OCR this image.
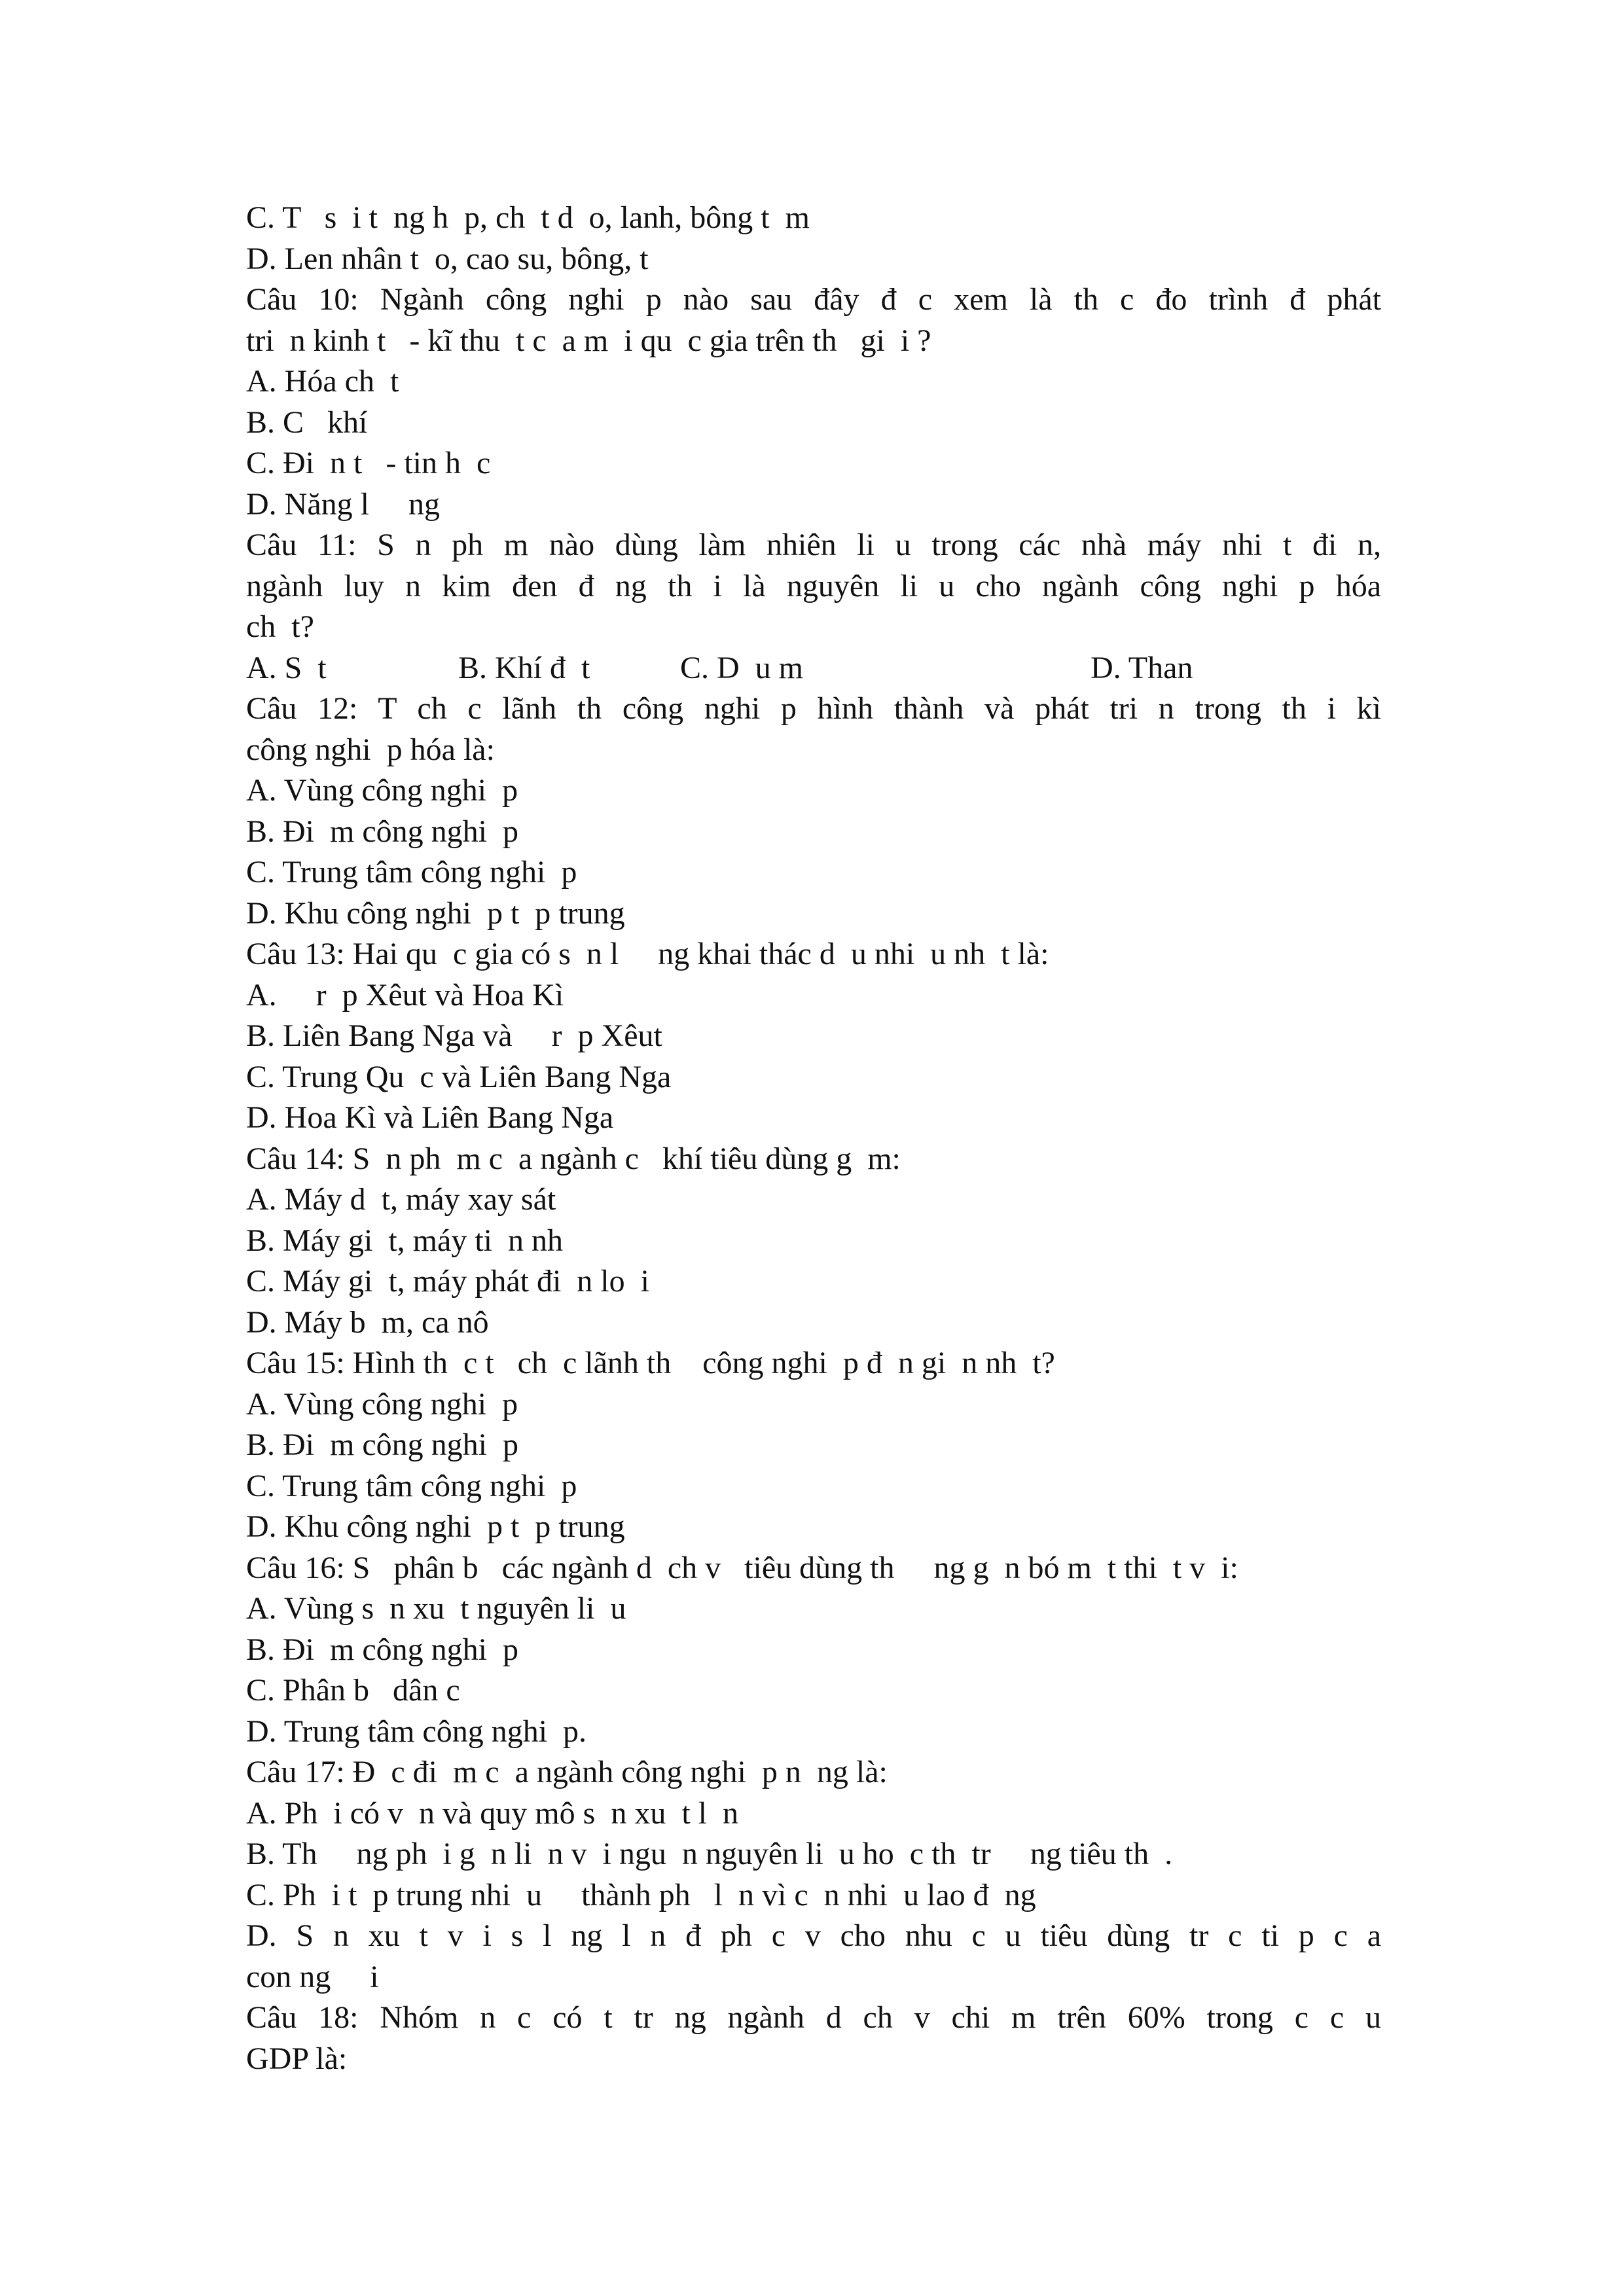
C. T   s  i t  ng h  p, ch  t d  o, lanh, bông t  m
D. Len nhân t  o, cao su, bông, t
Câu 10: Ngành công nghi p nào sau đây đ c xem là th c đo trình đ phát
tri  n kinh t   - kĩ thu  t c  a m  i qu  c gia trên th   gi  i ?
A. Hóa ch  t
B. C   khí
C. Đi  n t   - tin h  c
D. Năng l     ng
Câu 11: S n ph m nào dùng làm nhiên li u trong các nhà máy nhi t đi n,
ngành luy n kim đen đ ng th i là nguyên li u cho ngành công nghi p hóa
ch  t?

A. S  t

	B. Khí đ  t

	C. D  u m

	D. Than

Câu 12: T ch c lãnh th công nghi p hình thành và phát tri n trong th i kì
công nghi  p hóa là:
A. Vùng công nghi  p
B. Đi  m công nghi  p
C. Trung tâm công nghi  p
D. Khu công nghi  p t  p trung
Câu 13: Hai qu  c gia có s  n l     ng khai thác d  u nhi  u nh  t là:
A.     r  p Xêut và Hoa Kì
B. Liên Bang Nga và     r  p Xêut
C. Trung Qu  c và Liên Bang Nga
D. Hoa Kì và Liên Bang Nga
Câu 14: S  n ph  m c  a ngành c   khí tiêu dùng g  m:
A. Máy d  t, máy xay sát
B. Máy gi  t, máy ti  n nh
C. Máy gi  t, máy phát đi  n lo  i
D. Máy b  m, ca nô
Câu 15: Hình th  c t   ch  c lãnh th    công nghi  p đ  n gi  n nh  t?
A. Vùng công nghi  p
B. Đi  m công nghi  p
C. Trung tâm công nghi  p
D. Khu công nghi  p t  p trung
Câu 16: S   phân b   các ngành d  ch v   tiêu dùng th     ng g  n bó m  t thi  t v  i:
A. Vùng s  n xu  t nguyên li  u
B. Đi  m công nghi  p
C. Phân b   dân c
D. Trung tâm công nghi  p.
Câu 17: Đ  c đi  m c  a ngành công nghi  p n  ng là:
A. Ph  i có v  n và quy mô s  n xu  t l  n
B. Th     ng ph  i g  n li  n v  i ngu  n nguyên li  u ho  c th  tr     ng tiêu th  .
C. Ph  i t  p trung nhi  u     thành ph   l  n vì c  n nhi  u lao đ  ng
D. S n xu t v i s l ng l n đ ph c v cho nhu c u tiêu dùng tr c ti p c a
con ng     i
Câu 18: Nhóm n c có t tr ng ngành d ch v chi m trên 60% trong c c u
GDP là:
